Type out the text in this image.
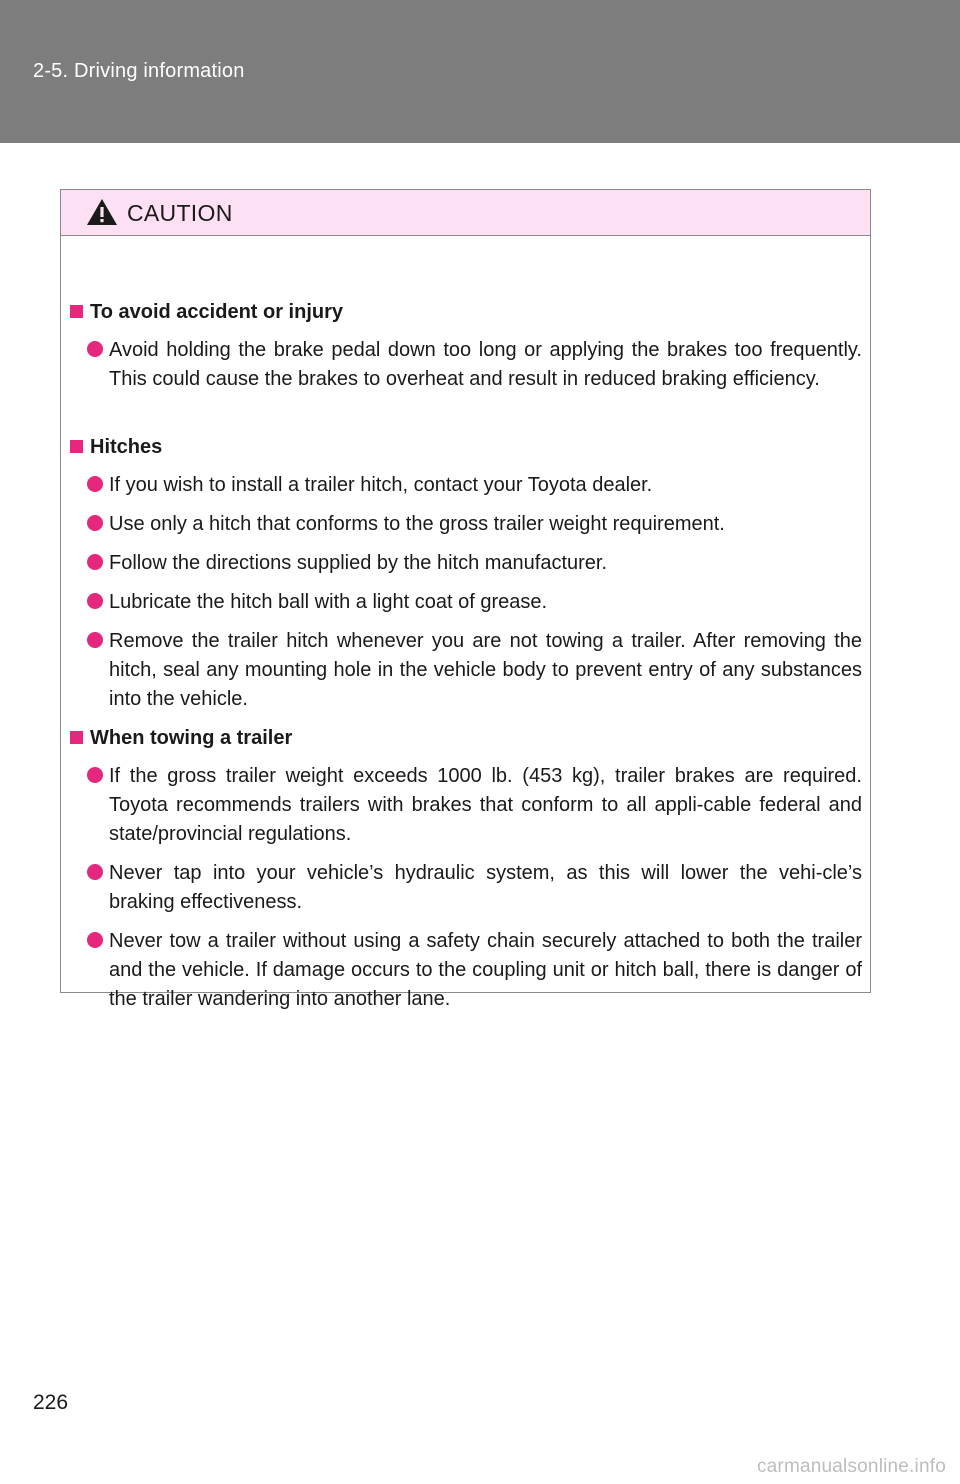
2-5. Driving information
CAUTION
To avoid accident or injury
Avoid holding the brake pedal down too long or applying the brakes too frequently. This could cause the brakes to overheat and result in reduced braking efficiency.
Hitches
If you wish to install a trailer hitch, contact your Toyota dealer.
Use only a hitch that conforms to the gross trailer weight requirement.
Follow the directions supplied by the hitch manufacturer.
Lubricate the hitch ball with a light coat of grease.
Remove the trailer hitch whenever you are not towing a trailer. After removing the hitch, seal any mounting hole in the vehicle body to prevent entry of any substances into the vehicle.
When towing a trailer
If the gross trailer weight exceeds 1000 lb. (453 kg), trailer brakes are required. Toyota recommends trailers with brakes that conform to all appli-cable federal and state/provincial regulations.
Never tap into your vehicle’s hydraulic system, as this will lower the vehi-cle’s braking effectiveness.
Never tow a trailer without using a safety chain securely attached to both the trailer and the vehicle. If damage occurs to the coupling unit or hitch ball, there is danger of the trailer wandering into another lane.
226
carmanualsonline.info
